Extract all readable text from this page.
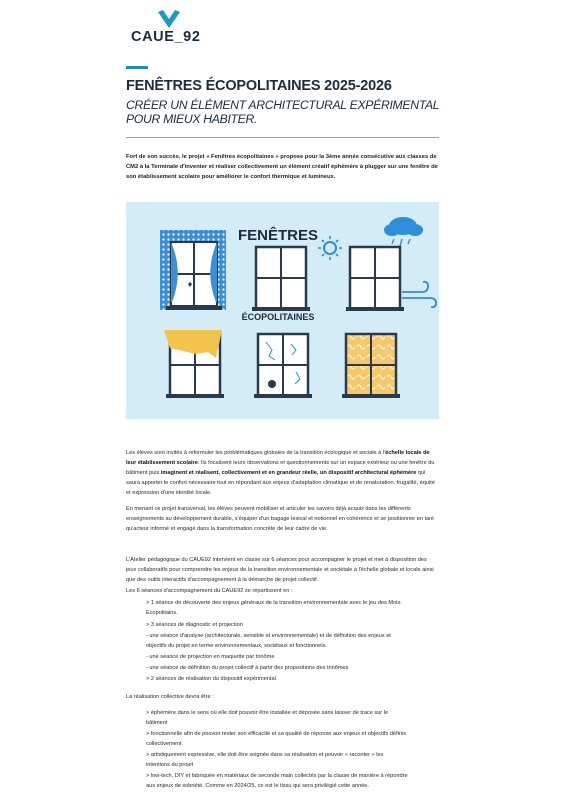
CAUE_92
FENÊTRES ÉCOPOLITAINES 2025-2026
CRÉER UN ÉLÉMENT ARCHITECTURAL EXPÉRIMENTAL POUR MIEUX HABITER.

Fort de son succès, le projet « Fenêtres écopolitaines » propose pour la 3ème année consécutive aux classes de CM2 à la Terminale d'inventer et réaliser collectivement un élément créatif éphémère à plugger sur une fenêtre de son établissement scolaire pour améliorer le confort thermique et lumineux.

FENÊTRES
ÉCOPOLITAINES

Les élèves sont invités à reformuler les problématiques globales de la transition écologique et sociale à l'échelle locale de leur établissement scolaire. Ils focalisent leurs observations et questionnements sur un espace extérieur ou une fenêtre du bâtiment puis imaginent et réalisent, collectivement et en grandeur réelle, un dispositif architectural éphémère qui saura apporter le confort nécessaire tout en répondant aux enjeux d'adaptation climatique et de renaturation, frugalité, équité et expression d'une identité locale.

En menant ce projet transversal, les élèves peuvent mobiliser et articuler les savoirs déjà acquis dans les différents enseignements au développement durable, s'équiper d'un bagage lexical et notionnel en cohérence et se positionner en tant qu'acteur informé et engagé dans la transformation concrète de leur cadre de vie.

L'Atelier pédagogique du CAUE92 intervient en classe sur 6 séances pour accompagner le projet et met à disposition des jeux collaboratifs pour comprendre les enjeux de la transition environnementale et sociétale à l'échelle globale et locale ainsi que des outils interactifs d'accompagnement à la démarche de projet collectif.

Les 6 séances d'accompagnement du CAUE92 se répartissent en :

> 1 séance de découverte des enjeux généraux de la transition environnementale avec le jeu des Mots
Écopolitains.
> 3 séances de diagnostic et projection
- une séance d'analyse (architecturale, sensible et environnementale) et de définition des enjeux et
objectifs du projet en terme environnementaux, sociétaux et fonctionnels.
- une séance de projection en maquette par trinôme
- une séance de définition du projet collectif à partir des propositions des trinômes
> 2 séances de réalisation du dispositif expérimental
La réalisation collective devra être :
> éphémère dans le sens où elle doit pouvoir être installée et déposée sans laisser de trace sur le
bâtiment
> fonctionnelle afin de pouvoir tester son efficacité et sa qualité de réponse aux enjeux et objectifs définis
collectivement
> artistiquement expressive, elle doit être soignée dans sa réalisation et pouvoir « raconter » les
intentions du projet
> low-tech, DIY et fabriquée en matériaux de seconde main collectés par la classe de manière à répondre
aux enjeux de sobriété. Comme en 2024/25, ce est le tissu qui sera privilégié cette année.
